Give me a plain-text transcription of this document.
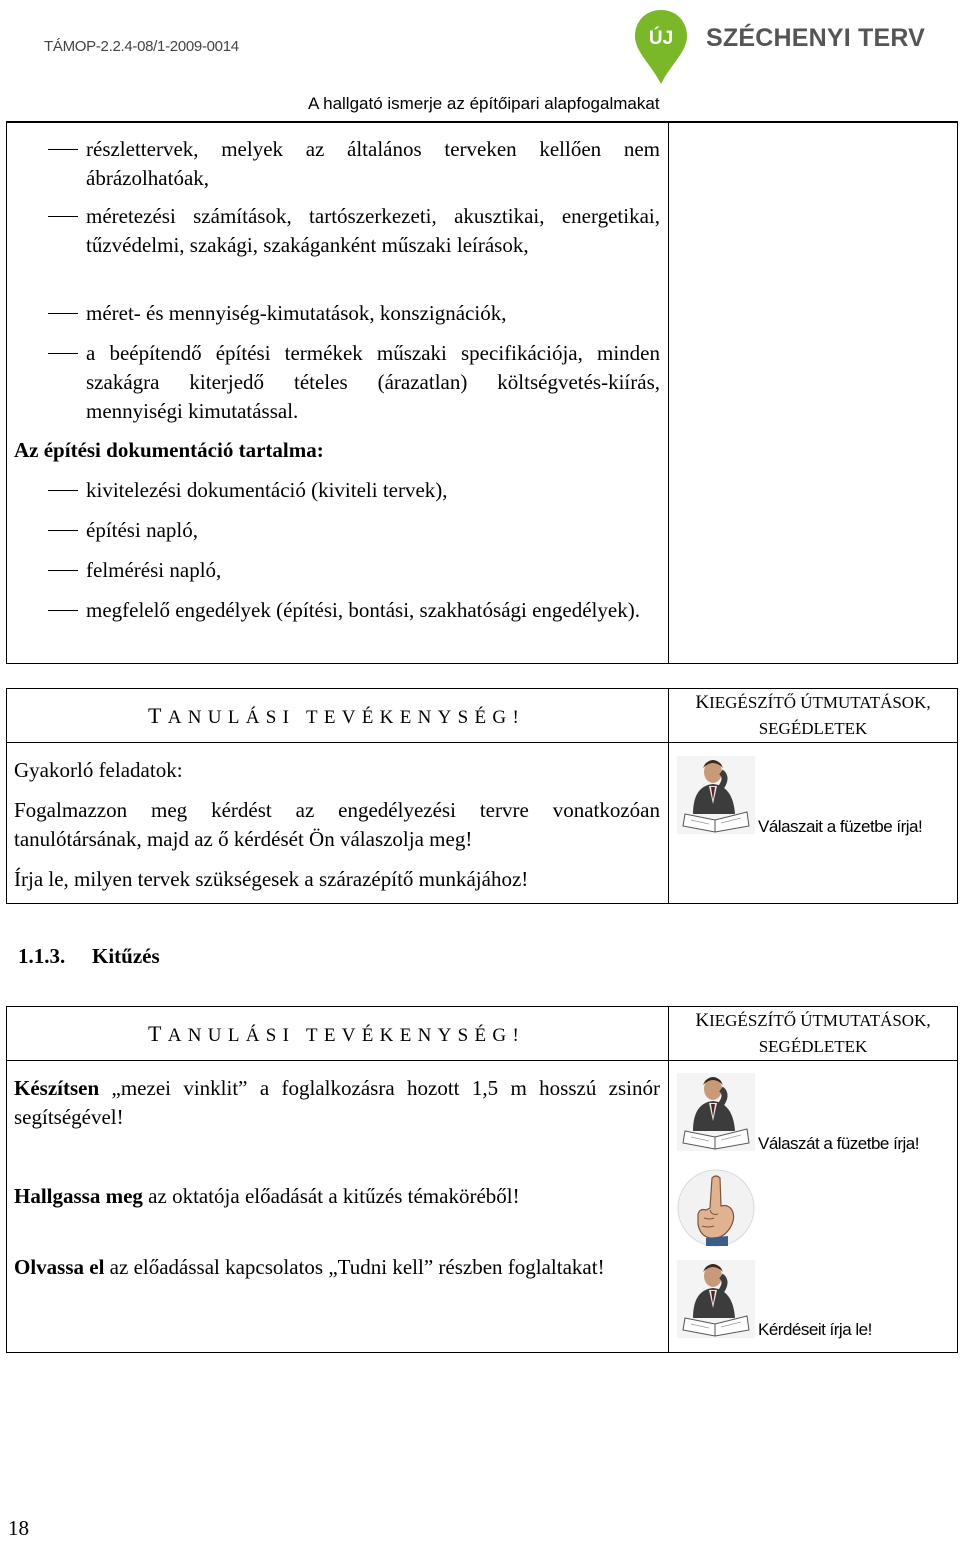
TÁMOP-2.2.4-08/1-2009-0014	ÚJ SZÉCHENYI TERV
A hallgató ismerje az építőipari alapfogalmakat
részlettervek, melyek az általános terveken kellően nem ábrázolhatóak,
méretezési számítások, tartószerkezeti, akusztikai, energetikai, tűzvédelmi, szakági, szakáganként műszaki leírások,
méret- és mennyiség-kimutatások, konszignációk,
a beépítendő építési termékek műszaki specifikációja, minden szakágra kiterjedő tételes (árazatlan) költségvetés-kiírás, mennyiségi kimutatással.
Az építési dokumentáció tartalma:
kivitelezési dokumentáció (kiviteli tervek),
építési napló,
felmérési napló,
megfelelő engedélyek (építési, bontási, szakhatósági engedélyek).
TANULÁSI TEVÉKENYSÉG!
KIEGÉSZÍTŐ ÚTMUTATÁSOK,
SEGÉDLETEK
Gyakorló feladatok:
Fogalmazzon meg kérdést az engedélyezési tervre vonatkozóan tanulótársának, majd az ő kérdését Ön válaszolja meg!
Írja le, milyen tervek szükségesek a szárazépítő munkájához!
Válaszait a füzetbe írja!
1.1.3.	Kitűzés
TANULÁSI TEVÉKENYSÉG!
KIEGÉSZÍTŐ ÚTMUTATÁSOK,
SEGÉDLETEK
Készítsen „mezei vinklit” a foglalkozásra hozott 1,5 m hosszú zsinór segítségével!
Hallgassa meg az oktatója előadását a kitűzés témaköréből!
Olvassa el az előadással kapcsolatos „Tudni kell” részben foglaltakat!
Válaszát a füzetbe írja!
Kérdéseit írja le!
18
